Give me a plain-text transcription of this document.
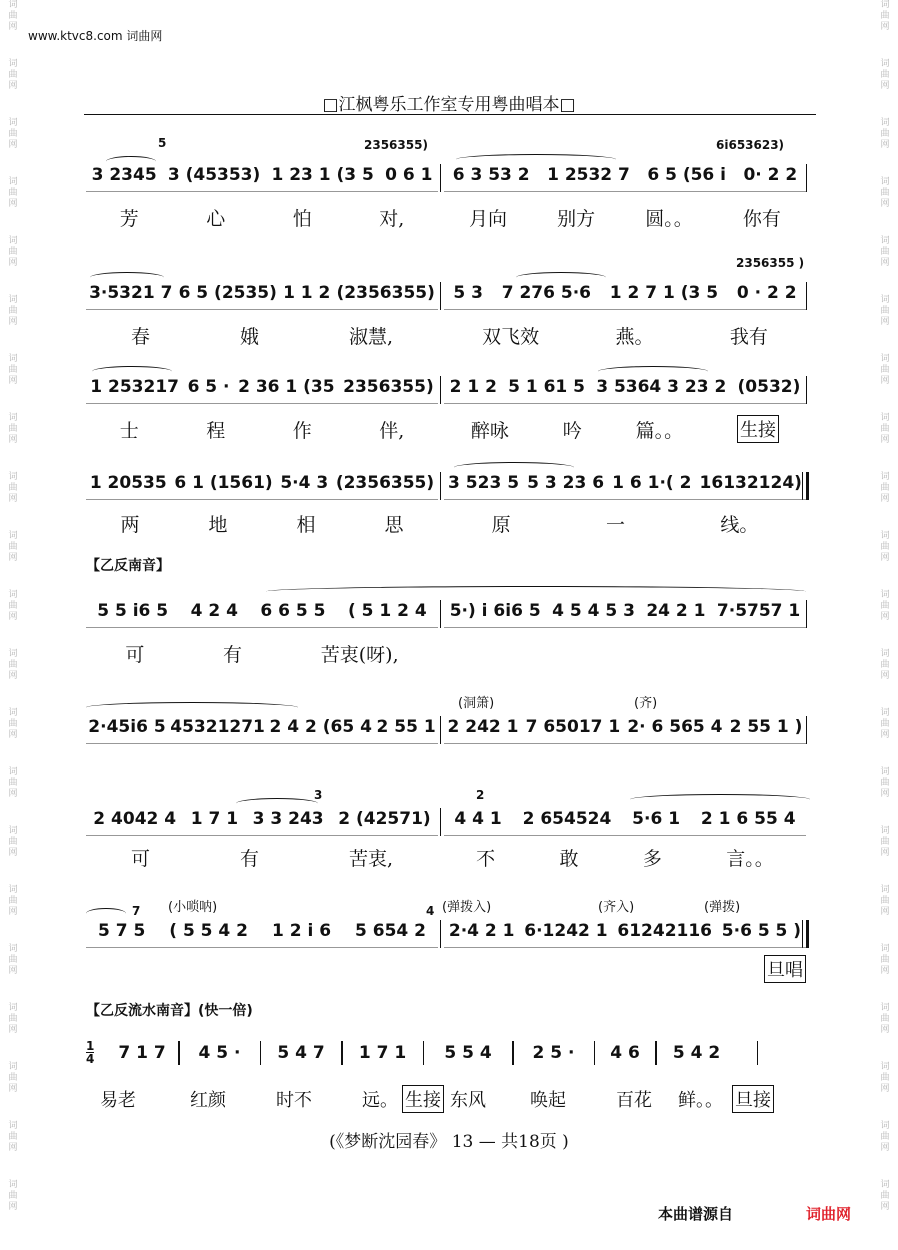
词
曲
网
词
曲
网
词
曲
网
词
曲
网
词
曲
网
词
曲
网
词
曲
网
词
曲
网
词
曲
网
词
曲
网
词
曲
网
词
曲
网
词
曲
网
词
曲
网
词
曲
网
词
曲
网
词
曲
网
词
曲
网
词
曲
网
词
曲
网
词
曲
网
词
曲
网
词
曲
网
词
曲
网
词
曲
网
词
曲
网
词
曲
网
词
曲
网
词
曲
网
词
曲
网
词
曲
网
词
曲
网
词
曲
网
词
曲
网
词
曲
网
词
曲
网
词
曲
网
词
曲
网
词
曲
网
词
曲
网
词
曲
网
词
曲
网
www.ktvc8.com 词曲网
□江枫粤乐工作室专用粤曲唱本□
5	2356355)	6i653623)
3 2345 3 (45353) 1 23 1 (3 5 0 6 1 6 3 53 2 1 2532 7 6 5 (56 i 0· 2 2
芳	心	怕	对,	月向	别方	圆。。	你有
2356355 )
3·5321 7 6 5 (2535) 1 1 2 (2356355) 5 3 7 276 5·6 1 2 7 1 (3 5 0 · 2 2
春	娥	淑慧,	双飞效	燕。	我有
1 253217 6 5 · 2 36 1 (35 2356355) 2 1 2 5 1 61 5 3 5364 3 23 2 (0532)
士	程	作	伴,	醉咏	吟	篇。。	生接
1 20535 6 1 (1561) 5·4 3 (2356355) 3 523 5 5 3 23 6 1 6 1·( 2 16132124)
两	地	相	思	原	一	线。
【乙反南音】
5 5 i6 5 4 2 4 6 6 5 5 ( 5 1 2 4 5·) i 6i6 5 4 5 4 5 3 24 2 1 7·5757 1
可	有	苦衷(呀),
(洞箫)	(齐)
2·45i6 5 45321271 2 4 2 (65 4 2 55 1 2 242 1 7 65017 1 2· 6 565 4 2 55 1 )
3	2
2 4042 4 1 7 1 3 3 243 2 (42571) 4 4 1 2 654524 5·6 1 2 1 6 55 4
可	有	苦衷,	不	敢	多	言。。
7 (小唢呐)	4 (弹拨入)	(齐入)	(弹拨)
5 7 5 ( 5 5 4 2 1 2 i 6 5 654 2 2·4 2 1 6·1242 1 61242116 5·6 5 5 )
旦唱
【乙反流水南音】(快一倍)
1
4	7 1 7	4 5 ·	5 4 7	1 7 1	5 5 4	2 5 ·	4 6	5 4 2
易老	红颜	时不	远。 生接 东风	唤起	百花	鲜。。 旦接
(《梦断沈园春》 13 — 共18页 )
本曲谱源自	词曲网
